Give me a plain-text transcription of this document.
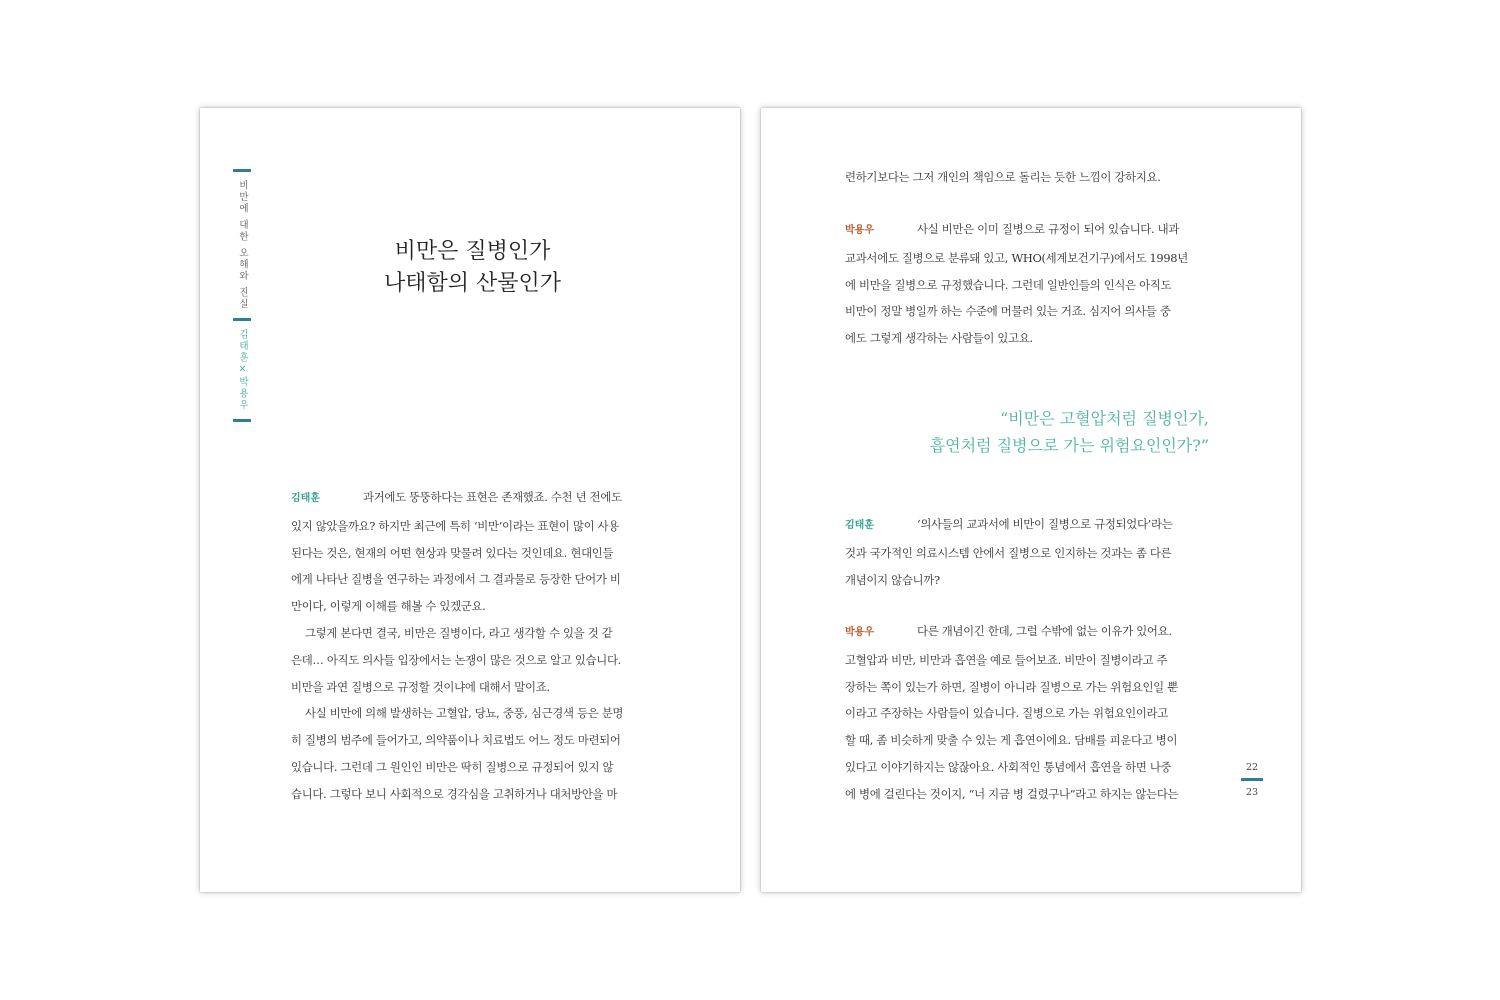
비만에 대한 오해와 진실
김태훈×박용우
비만은 질병인가
나태함의 산물인가

김태훈	과거에도 뚱뚱하다는 표현은 존재했죠. 수천 년 전에도
있지 않았을까요? 하지만 최근에 특히 ‘비만’이라는 표현이 많이 사용
된다는 것은, 현재의 어떤 현상과 맞물려 있다는 것인데요. 현대인들
에게 나타난 질병을 연구하는 과정에서 그 결과물로 등장한 단어가 비
만이다, 이렇게 이해를 해볼 수 있겠군요.

그렇게 본다면 결국, 비만은 질병이다, 라고 생각할 수 있을 것 같
은데… 아직도 의사들 입장에서는 논쟁이 많은 것으로 알고 있습니다.
비만을 과연 질병으로 규정할 것이냐에 대해서 말이죠.

사실 비만에 의해 발생하는 고혈압, 당뇨, 중풍, 심근경색 등은 분명
히 질병의 범주에 들어가고, 의약품이나 치료법도 어느 정도 마련되어
있습니다. 그런데 그 원인인 비만은 딱히 질병으로 규정되어 있지 않
습니다. 그렇다 보니 사회적으로 경각심을 고취하거나 대처방안을 마

련하기보다는 그저 개인의 책임으로 돌리는 듯한 느낌이 강하지요.

박용우	사실 비만은 이미 질병으로 규정이 되어 있습니다. 내과
교과서에도 질병으로 분류돼 있고, WHO(세계보건기구)에서도 1998년
에 비만을 질병으로 규정했습니다. 그런데 일반인들의 인식은 아직도
비만이 정말 병일까 하는 수준에 머물러 있는 거죠. 심지어 의사들 중
에도 그렇게 생각하는 사람들이 있고요.

“비만은 고혈압처럼 질병인가,
흡연처럼 질병으로 가는 위험요인인가?”

김태훈	‘의사들의 교과서에 비만이 질병으로 규정되었다’라는
것과 국가적인 의료시스템 안에서 질병으로 인지하는 것과는 좀 다른
개념이지 않습니까?

박용우	다른 개념이긴 한데, 그럴 수밖에 없는 이유가 있어요.
고혈압과 비만, 비만과 흡연을 예로 들어보죠. 비만이 질병이라고 주
장하는 쪽이 있는가 하면, 질병이 아니라 질병으로 가는 위험요인일 뿐
이라고 주장하는 사람들이 있습니다. 질병으로 가는 위험요인이라고
할 때, 좀 비슷하게 맞출 수 있는 게 흡연이에요. 담배를 피운다고 병이
있다고 이야기하지는 않잖아요. 사회적인 통념에서 흡연을 하면 나중
에 병에 걸린다는 것이지, “너 지금 병 걸렸구나”라고 하지는 않는다는

22
23
